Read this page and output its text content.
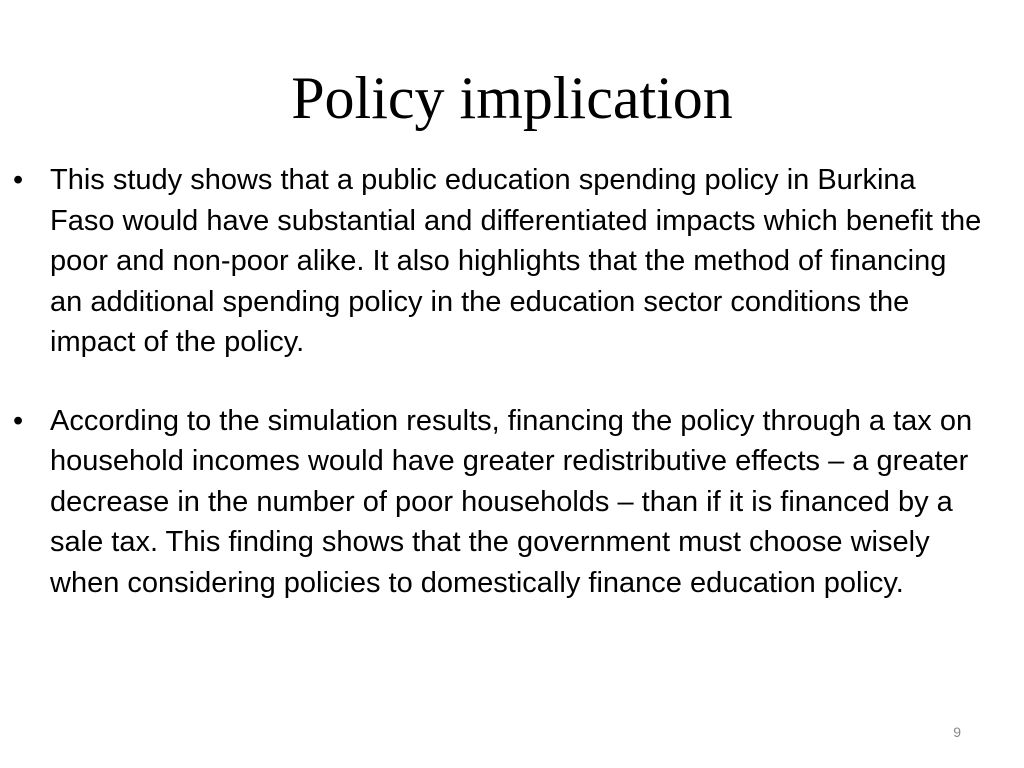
Policy implication
• This study shows that a public education spending policy in Burkina Faso would have substantial and differentiated impacts which benefit the poor and non-poor alike. It also highlights that the method of financing an additional spending policy in the education sector conditions the impact of the policy.
• According to the simulation results, financing the policy through a tax on household incomes would have greater redistributive effects – a greater decrease in the number of poor households – than if it is financed by a sale tax. This finding shows that the government must choose wisely when considering policies to domestically finance education policy.
9
